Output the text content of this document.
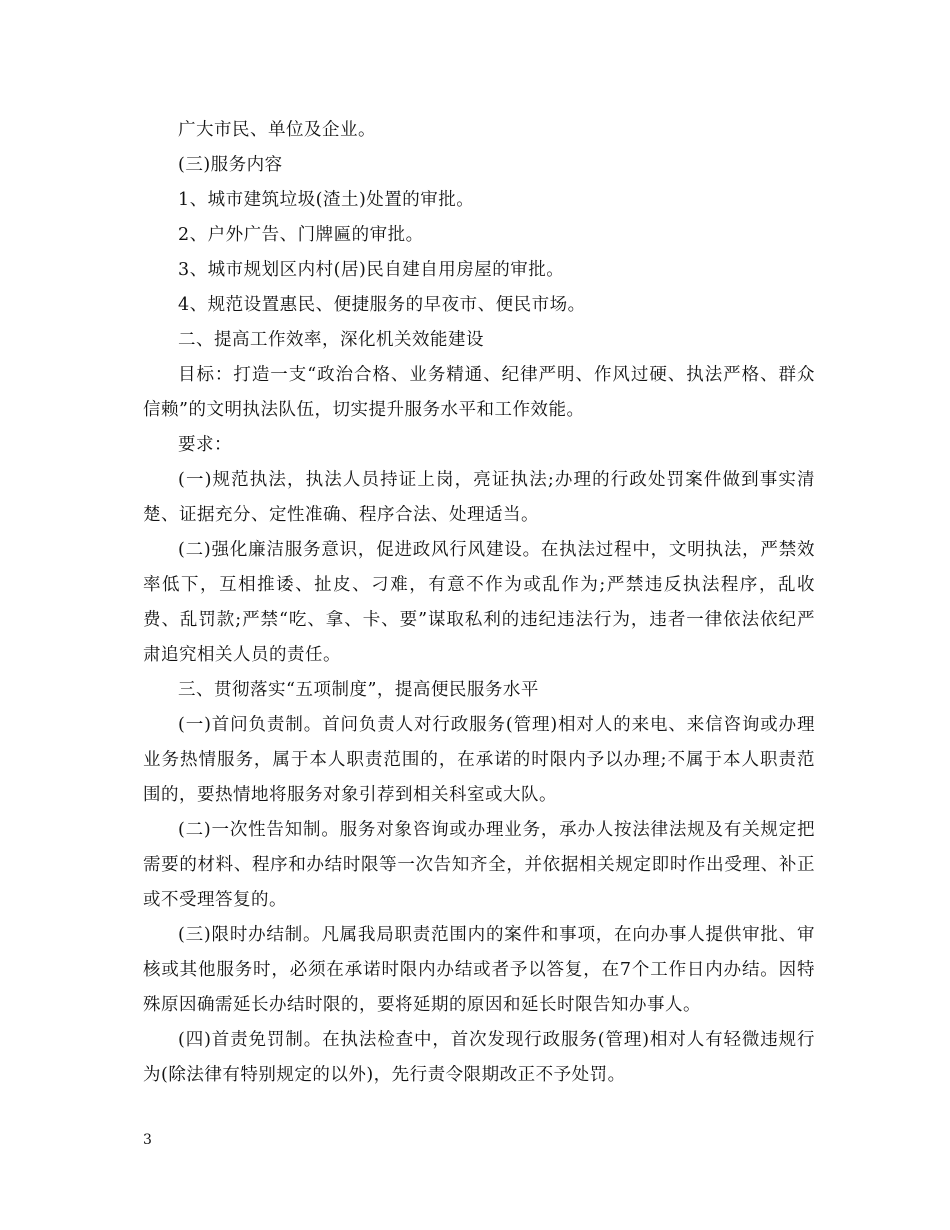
广大市民、单位及企业。

(三)服务内容

1、城市建筑垃圾(渣土)处置的审批。

2、户外广告、门牌匾的审批。

3、城市规划区内村(居)民自建自用房屋的审批。

4、规范设置惠民、便捷服务的早夜市、便民市场。

二、提高工作效率，深化机关效能建设

目标：打造一支“政治合格、业务精通、纪律严明、作风过硬、执法严格、群众信赖”的文明执法队伍，切实提升服务水平和工作效能。

要求：

(一)规范执法，执法人员持证上岗，亮证执法;办理的行政处罚案件做到事实清楚、证据充分、定性准确、程序合法、处理适当。

(二)强化廉洁服务意识，促进政风行风建设。在执法过程中，文明执法，严禁效率低下，互相推诿、扯皮、刁难，有意不作为或乱作为;严禁违反执法程序，乱收费、乱罚款;严禁“吃、拿、卡、要”谋取私利的违纪违法行为，违者一律依法依纪严肃追究相关人员的责任。

三、贯彻落实“五项制度”，提高便民服务水平

(一)首问负责制。首问负责人对行政服务(管理)相对人的来电、来信咨询或办理业务热情服务，属于本人职责范围的，在承诺的时限内予以办理;不属于本人职责范围的，要热情地将服务对象引荐到相关科室或大队。

(二)一次性告知制。服务对象咨询或办理业务，承办人按法律法规及有关规定把需要的材料、程序和办结时限等一次告知齐全，并依据相关规定即时作出受理、补正或不受理答复的。

(三)限时办结制。凡属我局职责范围内的案件和事项，在向办事人提供审批、审核或其他服务时，必须在承诺时限内办结或者予以答复，在7个工作日内办结。因特殊原因确需延长办结时限的，要将延期的原因和延长时限告知办事人。

(四)首责免罚制。在执法检查中，首次发现行政服务(管理)相对人有轻微违规行为(除法律有特别规定的以外)，先行责令限期改正不予处罚。

3
